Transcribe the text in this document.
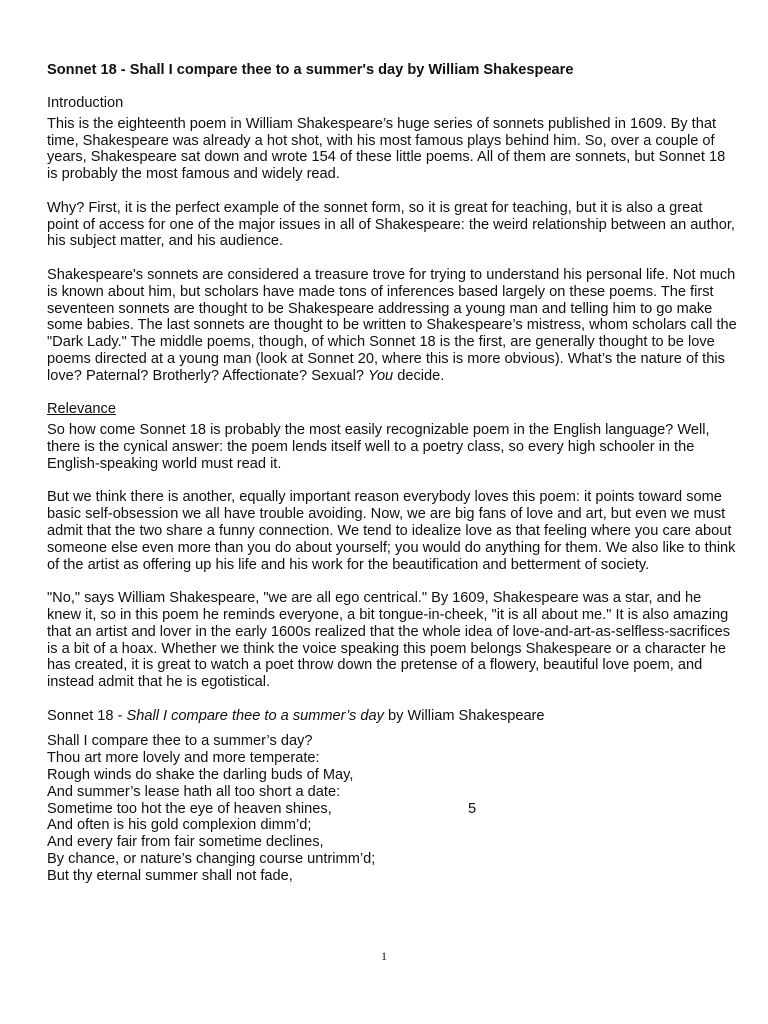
Sonnet 18 - Shall I compare thee to a summer's day by William Shakespeare
Introduction

This is the eighteenth poem in William Shakespeare’s huge series of sonnets published in 1609. By that time, Shakespeare was already a hot shot, with his most famous plays behind him. So, over a couple of years, Shakespeare sat down and wrote 154 of these little poems. All of them are sonnets, but Sonnet 18 is probably the most famous and widely read.

Why? First, it is the perfect example of the sonnet form, so it is great for teaching, but it is also a great point of access for one of the major issues in all of Shakespeare: the weird relationship between an author, his subject matter, and his audience.

Shakespeare's sonnets are considered a treasure trove for trying to understand his personal life. Not much is known about him, but scholars have made tons of inferences based largely on these poems. The first seventeen sonnets are thought to be Shakespeare addressing a young man and telling him to go make some babies. The last sonnets are thought to be written to Shakespeare’s mistress, whom scholars call the "Dark Lady." The middle poems, though, of which Sonnet 18 is the first, are generally thought to be love poems directed at a young man (look at Sonnet 20, where this is more obvious). What’s the nature of this love? Paternal? Brotherly? Affectionate? Sexual? You decide.

Relevance

So how come Sonnet 18 is probably the most easily recognizable poem in the English language? Well, there is the cynical answer: the poem lends itself well to a poetry class, so every high schooler in the English-speaking world must read it.

But we think there is another, equally important reason everybody loves this poem: it points toward some basic self-obsession we all have trouble avoiding. Now, we are big fans of love and art, but even we must admit that the two share a funny connection. We tend to idealize love as that feeling where you care about someone else even more than you do about yourself; you would do anything for them. We also like to think of the artist as offering up his life and his work for the beautification and betterment of society.

"No," says William Shakespeare, "we are all ego centrical." By 1609, Shakespeare was a star, and he knew it, so in this poem he reminds everyone, a bit tongue-in-cheek, "it is all about me." It is also amazing that an artist and lover in the early 1600s realized that the whole idea of love-and-art-as-selfless-sacrifices is a bit of a hoax. Whether we think the voice speaking this poem belongs Shakespeare or a character he has created, it is great to watch a poet throw down the pretense of a flowery, beautiful love poem, and instead admit that he is egotistical.

Sonnet 18 - Shall I compare thee to a summer’s day by William Shakespeare
Shall I compare thee to a summer’s day?
Thou art more lovely and more temperate:
Rough winds do shake the darling buds of May,
And summer’s lease hath all too short a date:
Sometime too hot the eye of heaven shines,	5
And often is his gold complexion dimm’d;
And every fair from fair sometime declines,
By chance, or nature’s changing course untrimm’d;
But thy eternal summer shall not fade,
1
